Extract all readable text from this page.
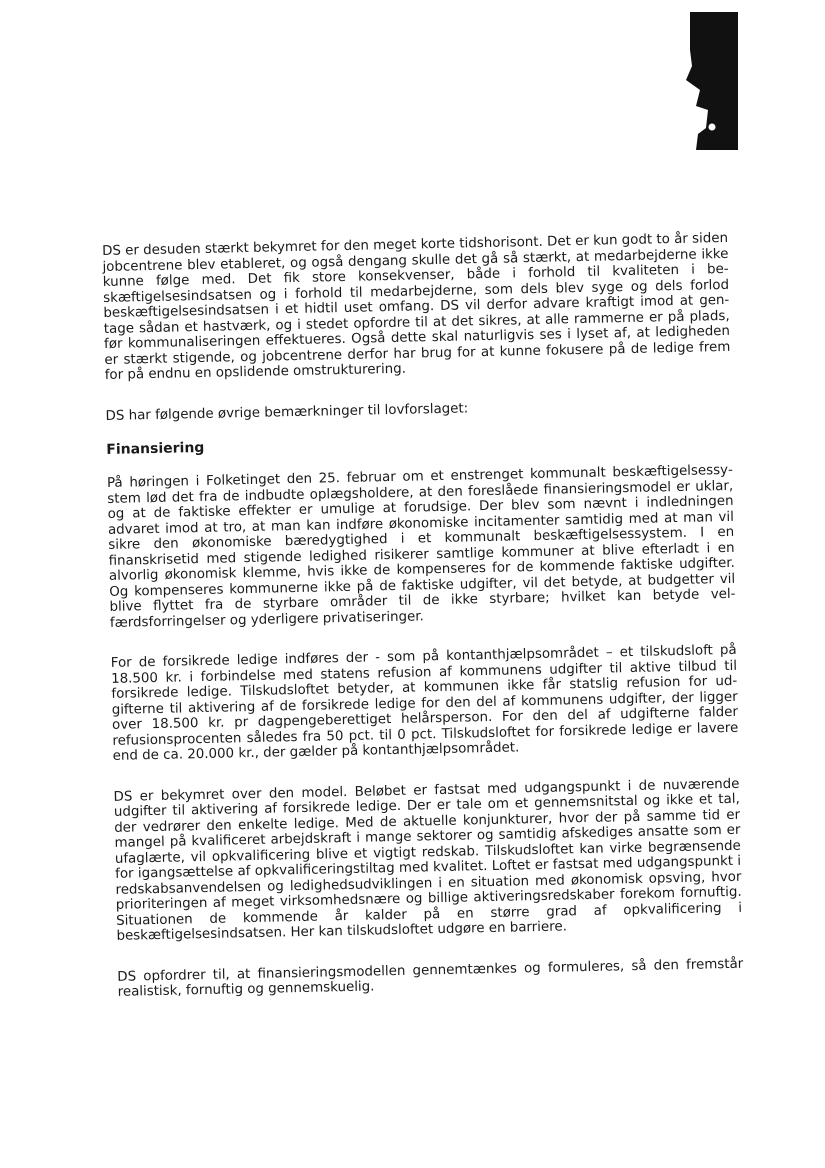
DS er desuden stærkt bekymret for den meget korte tidshorisont. Det er kun godt to år siden jobcentrene blev etableret, og også dengang skulle det gå så stærkt, at medarbejderne ikke kunne følge med. Det fik store konsekvenser, både i forhold til kvaliteten i beskæftigelsesindsatsen og i forhold til medarbejderne, som dels blev syge og dels forlod beskæftigelsesindsatsen i et hidtil uset omfang. DS vil derfor advare kraftigt imod at gentage sådan et hastværk, og i stedet opfordre til at det sikres, at alle rammerne er på plads, før kommunaliseringen effektueres. Også dette skal naturligvis ses i lyset af, at ledigheden er stærkt stigende, og jobcentrene derfor har brug for at kunne fokusere på de ledige frem for på endnu en opslidende omstrukturering.

DS har følgende øvrige bemærkninger til lovforslaget:

Finansiering

På høringen i Folketinget den 25. februar om et enstrenget kommunalt beskæftigelsessystem lød det fra de indbudte oplægsholdere, at den foreslåede finansieringsmodel er uklar, og at de faktiske effekter er umulige at forudsige. Der blev som nævnt i indledningen advaret imod at tro, at man kan indføre økonomiske incitamenter samtidig med at man vil sikre den økonomiske bæredygtighed i et kommunalt beskæftigelsessystem. I en finanskrisetid med stigende ledighed risikerer samtlige kommuner at blive efterladt i en alvorlig økonomisk klemme, hvis ikke de kompenseres for de kommende faktiske udgifter. Og kompenseres kommunerne ikke på de faktiske udgifter, vil det betyde, at budgetter vil blive flyttet fra de styrbare områder til de ikke styrbare; hvilket kan betyde velfærdsforringelser og yderligere privatiseringer.

For de forsikrede ledige indføres der - som på kontanthjælpsområdet – et tilskudsloft på 18.500 kr. i forbindelse med statens refusion af kommunens udgifter til aktive tilbud til forsikrede ledige. Tilskudsloftet betyder, at kommunen ikke får statslig refusion for udgifterne til aktivering af de forsikrede ledige for den del af kommunens udgifter, der ligger over 18.500 kr. pr dagpengeberettiget helårsperson. For den del af udgifterne falder refusionsprocenten således fra 50 pct. til 0 pct. Tilskudsloftet for forsikrede ledige er lavere end de ca. 20.000 kr., der gælder på kontanthjælpsområdet.

DS er bekymret over den model. Beløbet er fastsat med udgangspunkt i de nuværende udgifter til aktivering af forsikrede ledige. Der er tale om et gennemsnitstal og ikke et tal, der vedrører den enkelte ledige. Med de aktuelle konjunkturer, hvor der på samme tid er mangel på kvalificeret arbejdskraft i mange sektorer og samtidig afskediges ansatte som er ufaglærte, vil opkvalificering blive et vigtigt redskab. Tilskudsloftet kan virke begrænsende for igangsættelse af opkvalificeringstiltag med kvalitet. Loftet er fastsat med udgangspunkt i redskabsanvendelsen og ledighedsudviklingen i en situation med økonomisk opsving, hvor prioriteringen af meget virksomhedsnære og billige aktiveringsredskaber forekom fornuftig. Situationen de kommende år kalder på en større grad af opkvalificering i beskæftigelsesindsatsen. Her kan tilskudsloftet udgøre en barriere.

DS opfordrer til, at finansieringsmodellen gennemtænkes og formuleres, så den fremstår realistisk, fornuftig og gennemskuelig.
